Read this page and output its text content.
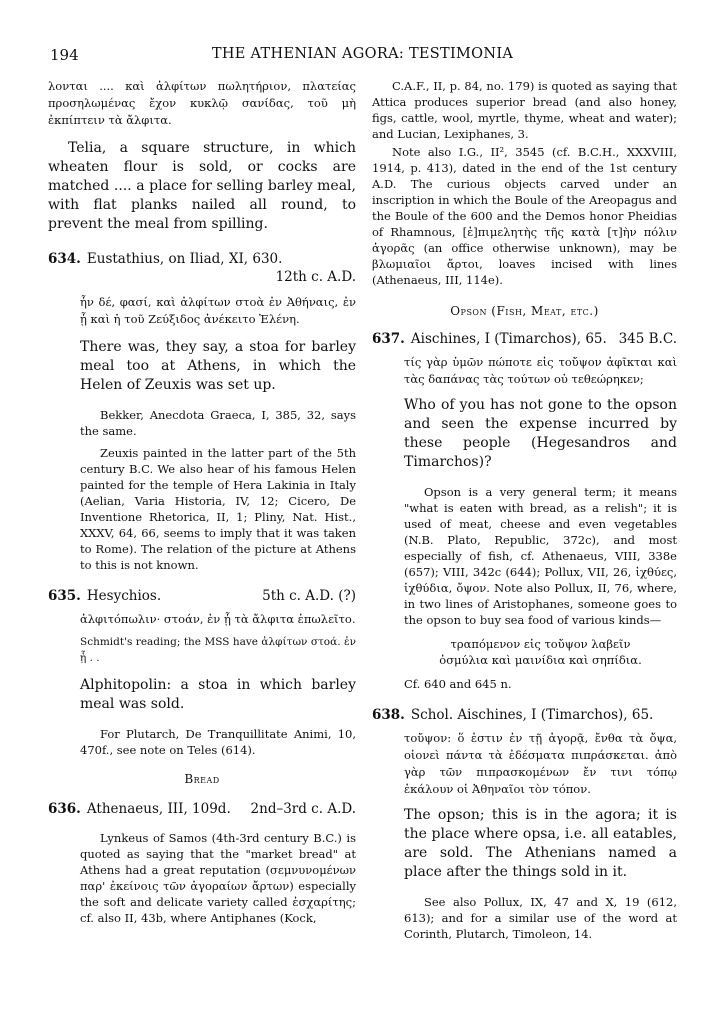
194	THE ATHENIAN AGORA: TESTIMONIA

λονται .... καὶ ἀλφίτων πωλητήριον, πλατείας προσηλωμένας ἔχον κυκλῷ σανίδας, τοῦ μὴ ἐκπίπτειν τὰ ἄλφιτα.

Telia, a square structure, in which wheaten flour is sold, or cocks are matched .... a place for selling barley meal, with flat planks nailed all round, to prevent the meal from spilling.

634. Eustathius, on Iliad, XI, 630.
12th c. A.D.

ἦν δέ, φασί, καὶ ἀλφίτων στοὰ ἐν Ἀθήναις, ἐν ᾗ καὶ ἡ τοῦ Ζεύξιδος ἀνέκειτο Ἑλένη.

There was, they say, a stoa for barley meal too at Athens, in which the Helen of Zeuxis was set up.

Bekker, Anecdota Graeca, I, 385, 32, says the same.

Zeuxis painted in the latter part of the 5th century B.C. We also hear of his famous Helen painted for the temple of Hera Lakinia in Italy (Aelian, Varia Historia, IV, 12; Cicero, De Inventione Rhetorica, II, 1; Pliny, Nat. Hist., XXXV, 64, 66, seems to imply that it was taken to Rome). The relation of the picture at Athens to this is not known.

635. Hesychios.	5th c. A.D. (?)

ἀλφιτόπωλιν· στοάν, ἐν ᾗ τὰ ἄλφιτα ἐπωλεῖτο.

Schmidt's reading; the MSS have ἀλφίτων στοά. ἐν ᾗ . .

Alphitopolin: a stoa in which barley meal was sold.

For Plutarch, De Tranquillitate Animi, 10, 470f., see note on Teles (614).

Bread
636. Athenaeus, III, 109d.	2nd–3rd c. A.D.

Lynkeus of Samos (4th-3rd century B.C.) is quoted as saying that the "market bread" at Athens had a great reputation (σεμνυνομένων παρ' ἐκείνοις τῶν ἀγοραίων ἄρτων) especially the soft and delicate variety called ἐσχαρίτης; cf. also II, 43b, where Antiphanes (Kock,

C.A.F., II, p. 84, no. 179) is quoted as saying that Attica produces superior bread (and also honey, figs, cattle, wool, myrtle, thyme, wheat and water); and Lucian, Lexiphanes, 3.

Note also I.G., II², 3545 (cf. B.C.H., XXXVIII, 1914, p. 413), dated in the end of the 1st century A.D. The curious objects carved under an inscription in which the Boule of the Areopagus and the Boule of the 600 and the Demos honor Pheidias of Rhamnous, [ἐ]πιμελητὴς τῆς κατὰ [τ]ὴν πόλιν ἀγορᾶς (an office otherwise unknown), may be βλωμιαῖοι ἄρτοι, loaves incised with lines (Athenaeus, III, 114e).

Opson (Fish, Meat, etc.)
637. Aischines, I (Timarchos), 65. 345 B.C.

τίς γὰρ ὑμῶν πώποτε εἰς τοὔψον ἀφῖκται καὶ τὰς δαπάνας τὰς τούτων οὐ τεθεώρηκεν;

Who of you has not gone to the opson and seen the expense incurred by these people (Hegesandros and Timarchos)?

Opson is a very general term; it means "what is eaten with bread, as a relish"; it is used of meat, cheese and even vegetables (N.B. Plato, Republic, 372c), and most especially of fish, cf. Athenaeus, VIII, 338e (657); VIII, 342c (644); Pollux, VII, 26, ἰχθύες, ἰχθύδια, ὄψον. Note also Pollux, II, 76, where, in two lines of Aristophanes, someone goes to the opson to buy sea food of various kinds—

τραπόμενον εἰς τοὔψον λαβεῖν

ὀσμύλια καὶ μαινίδια καὶ σηπίδια.

Cf. 640 and 645 n.

638. Schol. Aischines, I (Timarchos), 65.

τοὔψον: ὅ ἐστιν ἐν τῇ ἀγορᾷ, ἔνθα τὰ ὄψα, οἱονεὶ πάντα τὰ ἐδέσματα πιπράσκεται. ἀπὸ γὰρ τῶν πιπρασκομένων ἔν τινι τόπῳ ἐκάλουν οἱ Ἀθηναῖοι τὸν τόπον.

The opson; this is in the agora; it is the place where opsa, i.e. all eatables, are sold. The Athenians named a place after the things sold in it.

See also Pollux, IX, 47 and X, 19 (612, 613); and for a similar use of the word at Corinth, Plutarch, Timoleon, 14.
